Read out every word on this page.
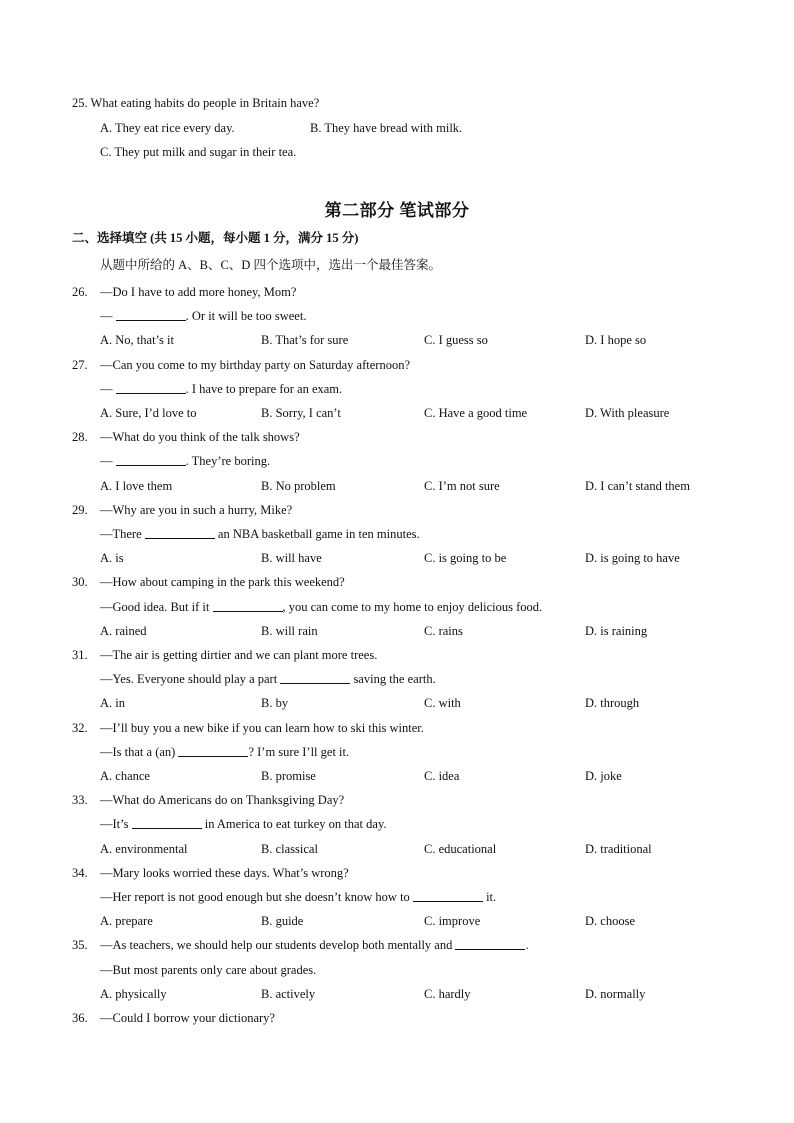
25. What eating habits do people in Britain have?
A. They eat rice every day.	B. They have bread with milk.
C. They put milk and sugar in their tea.
第二部分 笔试部分
二、选择填空 (共 15 小题，每小题 1 分，满分 15 分)
从题中所给的 A、B、C、D 四个选项中，选出一个最佳答案。
26. —Do I have to add more honey, Mom?
—	. Or it will be too sweet.
A. No, that’s it	B. That’s for sure	C. I guess so	D. I hope so
27. —Can you come to my birthday party on Saturday afternoon?
—	. I have to prepare for an exam.
A. Sure, I’d love to	B. Sorry, I can’t	C. Have a good time	D. With pleasure
28. —What do you think of the talk shows?
—	. They’re boring.
A. I love them	B. No problem	C. I’m not sure	D. I can’t stand them
29. —Why are you in such a hurry, Mike?
—There	an NBA basketball game in ten minutes.
A. is	B. will have	C. is going to be	D. is going to have
30. —How about camping in the park this weekend?
—Good idea. But if it	, you can come to my home to enjoy delicious food.
A. rained	B. will rain	C. rains	D. is raining
31. —The air is getting dirtier and we can plant more trees.
—Yes. Everyone should play a part	saving the earth.
A. in	B. by	C. with	D. through
32. —I’ll buy you a new bike if you can learn how to ski this winter.
—Is that a (an)	? I’m sure I’ll get it.
A. chance	B. promise	C. idea	D. joke
33. —What do Americans do on Thanksgiving Day?
—It’s	in America to eat turkey on that day.
A. environmental	B. classical	C. educational	D. traditional
34. —Mary looks worried these days. What’s wrong?
—Her report is not good enough but she doesn’t know how to	it.
A. prepare	B. guide	C. improve	D. choose
35. —As teachers, we should help our students develop both mentally and	.
—But most parents only care about grades.
A. physically	B. actively	C. hardly	D. normally
36. —Could I borrow your dictionary?
